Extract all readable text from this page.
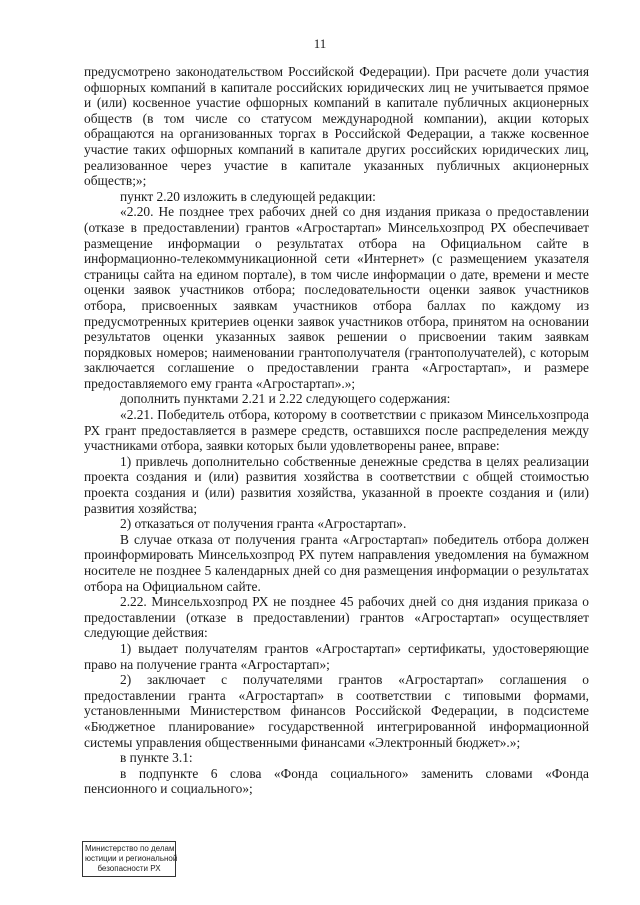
11

предусмотрено законодательством Российской Федерации). При расчете доли участия офшорных компаний в капитале российских юридических лиц не учитывается прямое и (или) косвенное участие офшорных компаний в капитале публичных акционерных обществ (в том числе со статусом международной компании), акции которых обращаются на организованных торгах в Российской Федерации, а также косвенное участие таких офшорных компаний в капитале других российских юридических лиц, реализованное через участие в капитале указанных публичных акционерных обществ;»;

пункт 2.20 изложить в следующей редакции:

«2.20. Не позднее трех рабочих дней со дня издания приказа о предоставлении (отказе в предоставлении) грантов «Агростартап» Минсельхозпрод РХ обеспечивает размещение информации о результатах отбора на Официальном сайте в информационно-телекоммуникационной сети «Интернет» (с размещением указателя страницы сайта на едином портале), в том числе информации о дате, времени и месте оценки заявок участников отбора; последовательности оценки заявок участников отбора, присвоенных заявкам участников отбора баллах по каждому из предусмотренных критериев оценки заявок участников отбора, принятом на основании результатов оценки указанных заявок решении о присвоении таким заявкам порядковых номеров; наименовании грантополучателя (грантополучателей), с которым заключается соглашение о предоставлении гранта «Агростартап», и размере предоставляемого ему гранта «Агростартап».»;

дополнить пунктами 2.21 и 2.22 следующего содержания:

«2.21. Победитель отбора, которому в соответствии с приказом Минсельхозпрода РХ грант предоставляется в размере средств, оставшихся после распределения между участниками отбора, заявки которых были удовлетворены ранее, вправе:

1) привлечь дополнительно собственные денежные средства в целях реализации проекта создания и (или) развития хозяйства в соответствии с общей стоимостью проекта создания и (или) развития хозяйства, указанной в проекте создания и (или) развития хозяйства;

2) отказаться от получения гранта «Агростартап».

В случае отказа от получения гранта «Агростартап» победитель отбора должен проинформировать Минсельхозпрод РХ путем направления уведомления на бумажном носителе не позднее 5 календарных дней со дня размещения информации о результатах отбора на Официальном сайте.

2.22. Минсельхозпрод РХ не позднее 45 рабочих дней со дня издания приказа о предоставлении (отказе в предоставлении) грантов «Агростартап» осуществляет следующие действия:

1) выдает получателям грантов «Агростартап» сертификаты, удостоверяющие право на получение гранта «Агростартап»;

2) заключает с получателями грантов «Агростартап» соглашения о предоставлении гранта «Агростартап» в соответствии с типовыми формами, установленными Министерством финансов Российской Федерации, в подсистеме «Бюджетное планирование» государственной интегрированной информационной системы управления общественными финансами «Электронный бюджет».»;

в пункте 3.1:

в подпункте 6 слова «Фонда социального» заменить словами «Фонда пенсионного и социального»;

Министерство по делам
юстиции и региональной
безопасности РХ
